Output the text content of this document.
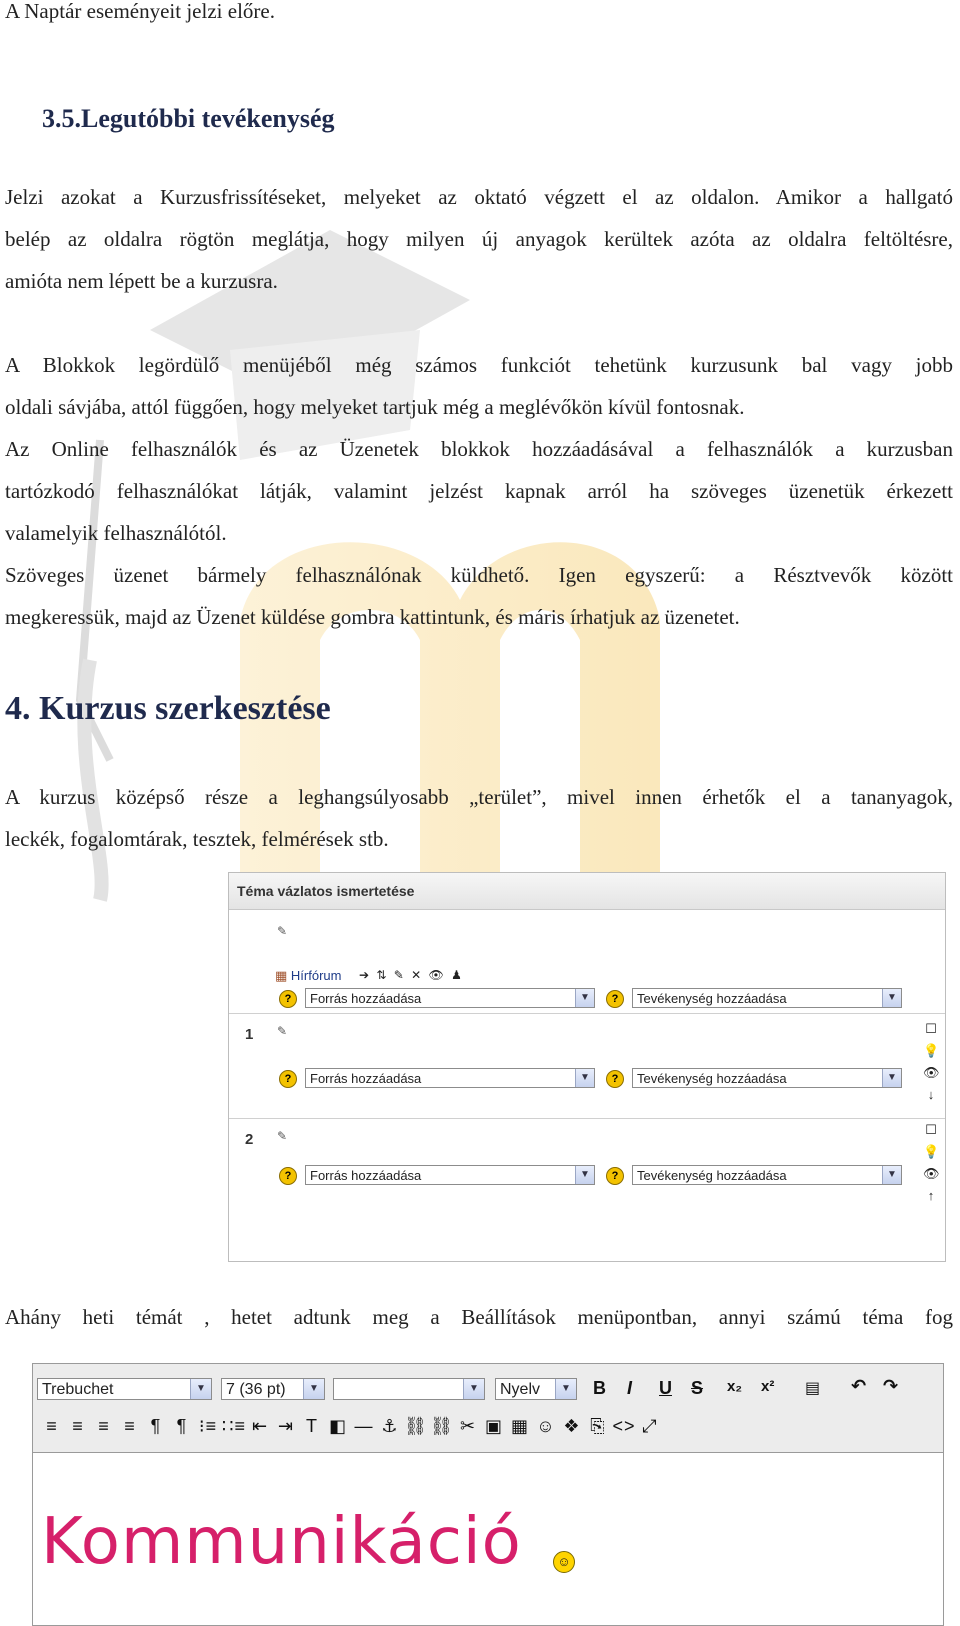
A Naptár eseményeit jelzi előre.

3.5.Legutóbbi tevékenység

Jelzi azokat a Kurzusfrissítéseket, melyeket az oktató végzett el az oldalon. Amikor a hallgató

belép az oldalra rögtön meglátja, hogy milyen új anyagok kerültek azóta az oldalra feltöltésre,

amióta nem lépett be a kurzusra.

A Blokkok legördülő menüjéből még számos funkciót tehetünk kurzusunk bal vagy jobb

oldali sávjába, attól függően, hogy melyeket tartjuk még a meglévőkön kívül fontosnak.

Az Online felhasználók és az Üzenetek blokkok hozzáadásával a felhasználók a kurzusban

tartózkodó felhasználókat látják, valamint jelzést kapnak arról ha szöveges üzenetük érkezett

valamelyik felhasználótól.

Szöveges üzenet bármely felhasználónak küldhető. Igen egyszerű: a Résztvevők között

megkeressük, majd az Üzenet küldése gombra kattintunk, és máris írhatjuk az üzenetet.

4. Kurzus szerkesztése

A kurzus középső része a leghangsúlyosabb „terület”, mivel innen érhetők el a tananyagok,

leckék, fogalomtárak, tesztek, felmérések stb.

Téma vázlatos ismertetése
✎
▦ Hírfórum ➔ ⇅ ✎ ✕ 👁 ♟
?	Forrás hozzáadása	▼	?	Tevékenység hozzáadása	▼
1 ✎
?	Forrás hozzáadása	▼	?	Tevékenység hozzáadása	▼
☐
💡
👁
↓
2 ✎
?	Forrás hozzáadása	▼	?	Tevékenység hozzáadása	▼
☐
💡
👁
↑

Ahány heti témát , hetet adtunk meg a Beállítások menüpontban, annyi számú téma fog

Trebuchet	▼	7 (36 pt)	▼	▼	Nyelv	▼ B I U S x₂ x² ▤ ↶ ↷
≡ ≡ ≡ ≡ ¶ ¶ ⁝≡ ∷≡ ⇤ ⇥ T ◧ — ⚓ ⛓ ⛓ ✂ ▣ ▦ ☺ ❖ ⎘ <> ⤢
Kommunikáció	☺
